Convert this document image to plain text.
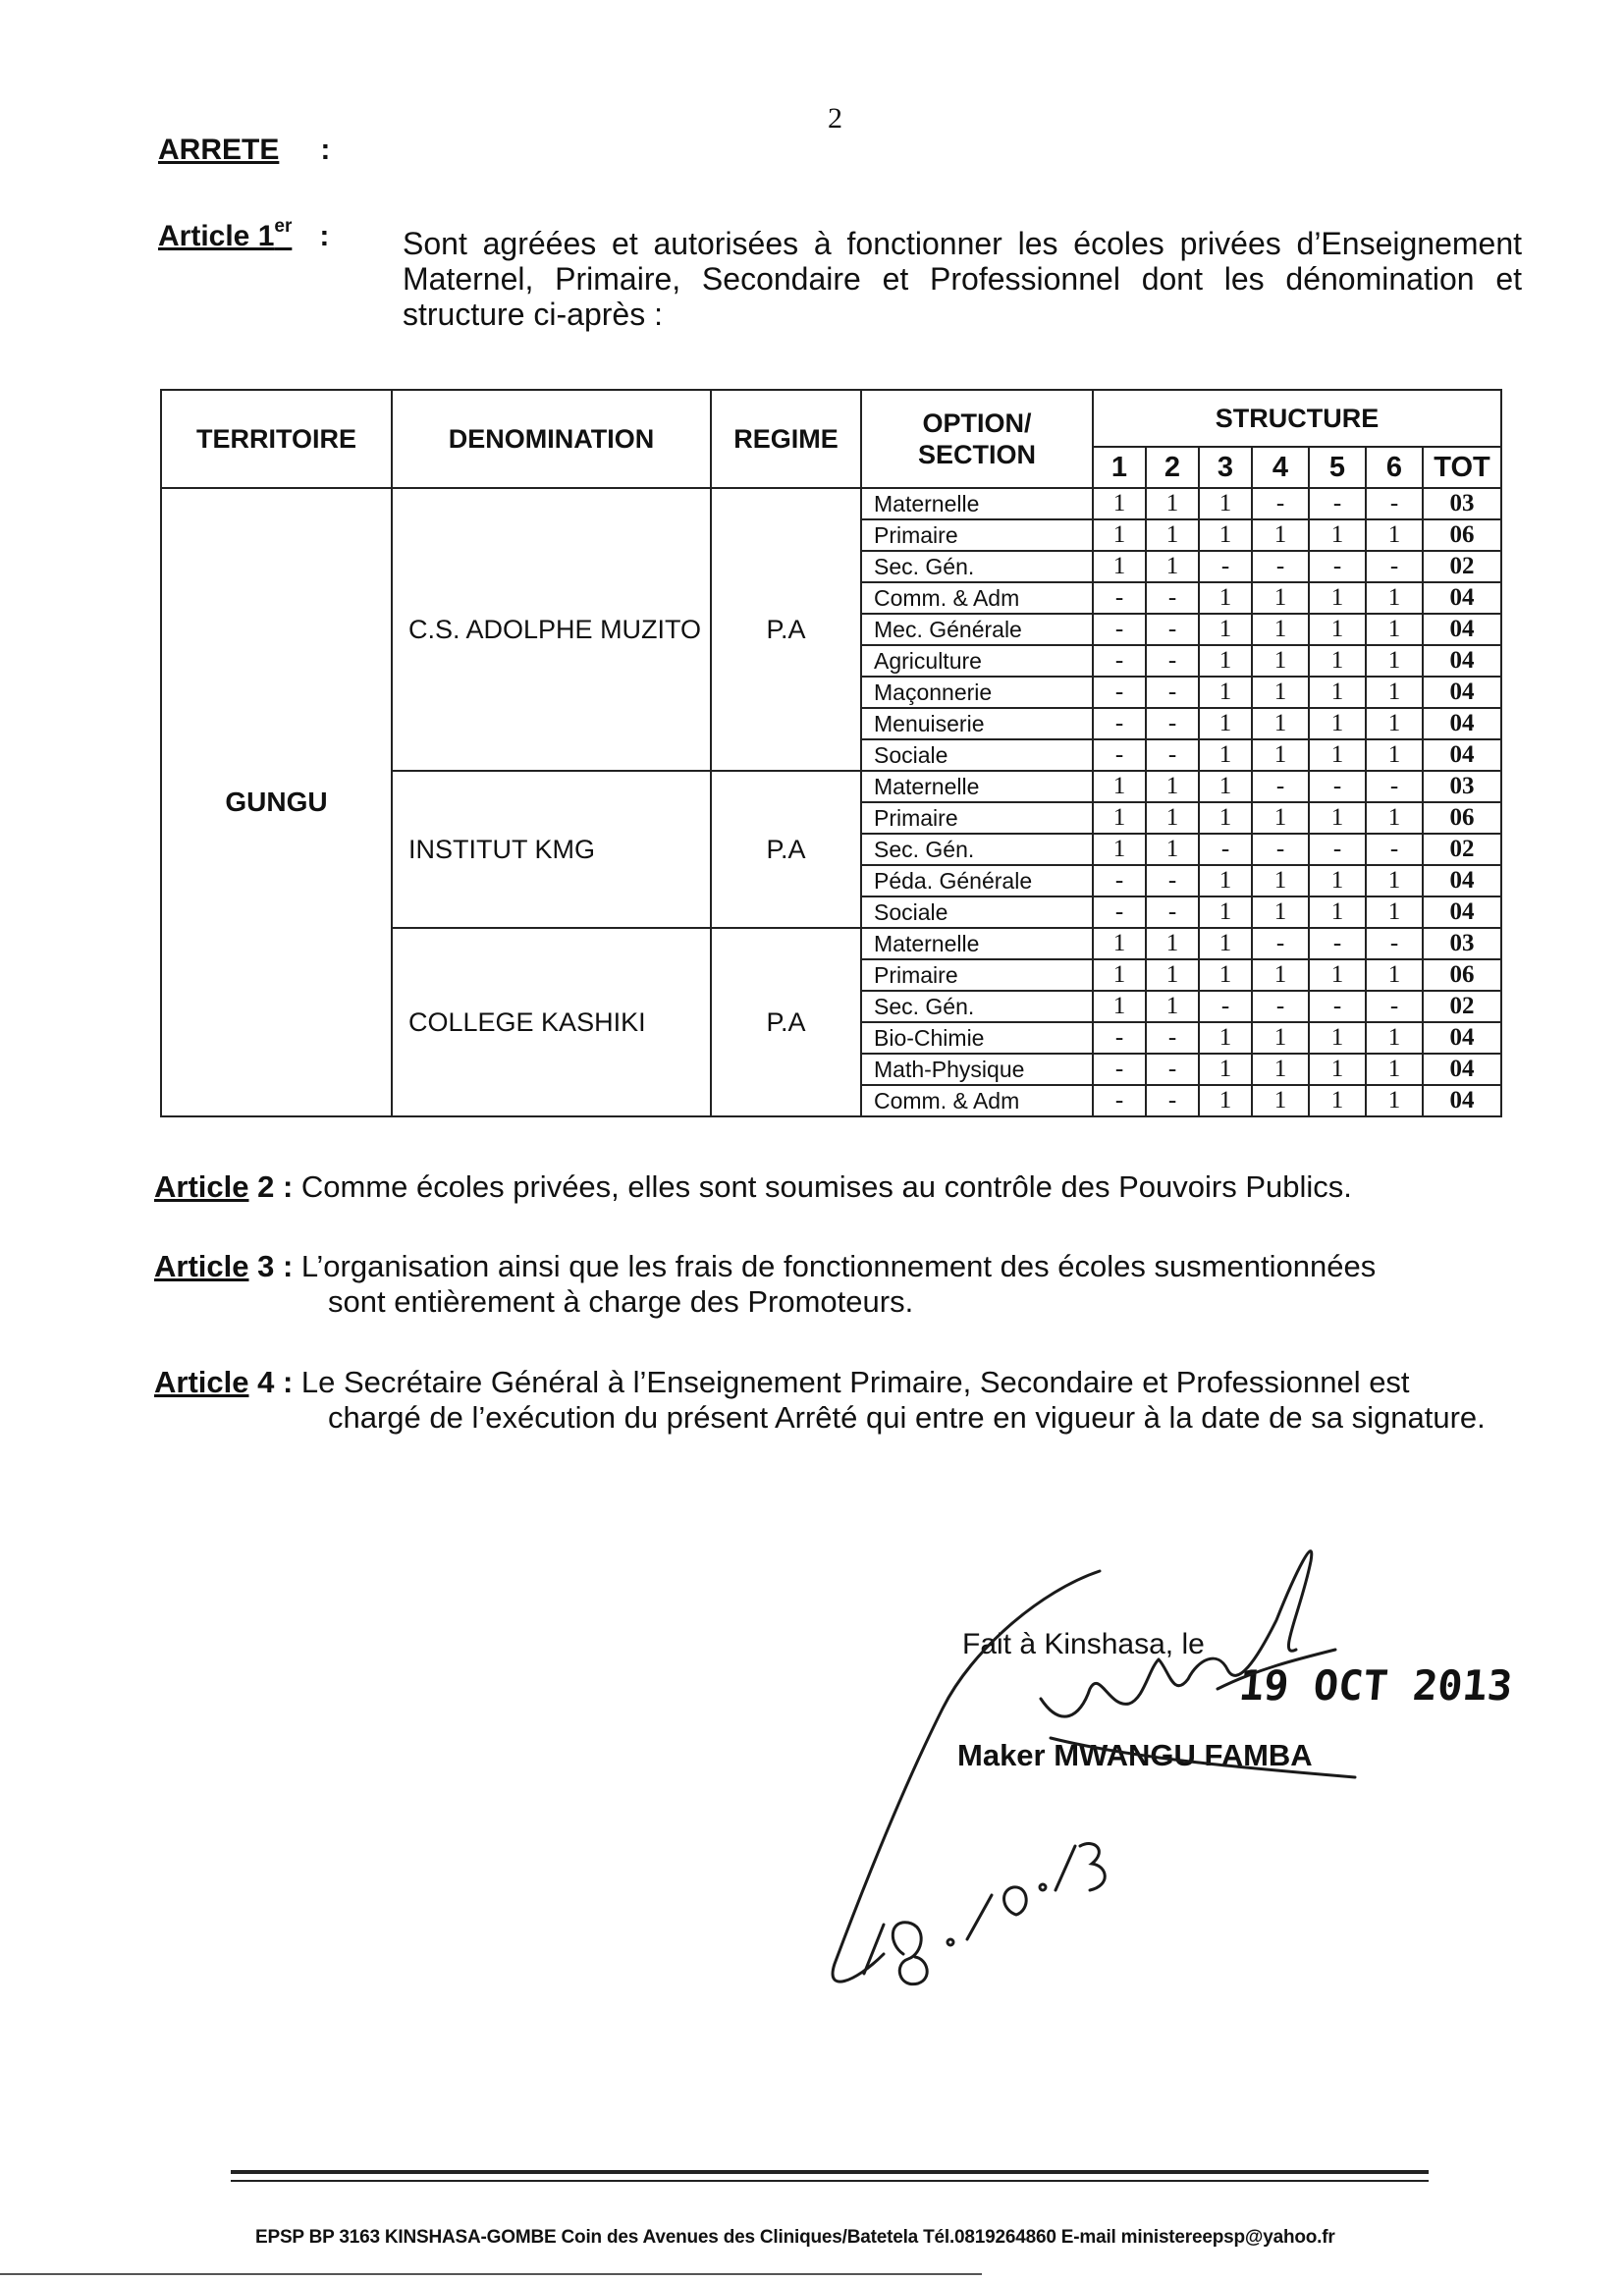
2
ARRETE :
Article 1er : Sont agréées et autorisées à fonctionner les écoles privées d’Enseignement Maternel, Primaire, Secondaire et Professionnel dont les dénomination et structure ci-après :
TERRITOIRE	DENOMINATION	REGIME	OPTION/ SECTION	STRUCTURE						
				1	2	3	4	5	6	TOT
GUNGU	C.S. ADOLPHE MUZITO	P.A	Maternelle	1	1	1	-	-	-	03
			Primaire	1	1	1	1	1	1	06
			Sec. Gén.	1	1	-	-	-	-	02
			Comm. & Adm	-	-	1	1	1	1	04
			Mec. Générale	-	-	1	1	1	1	04
			Agriculture	-	-	1	1	1	1	04
			Maçonnerie	-	-	1	1	1	1	04
			Menuiserie	-	-	1	1	1	1	04
			Sociale	-	-	1	1	1	1	04
	INSTITUT KMG	P.A	Maternelle	1	1	1	-	-	-	03
			Primaire	1	1	1	1	1	1	06
			Sec. Gén.	1	1	-	-	-	-	02
			Péda. Générale	-	-	1	1	1	1	04
			Sociale	-	-	1	1	1	1	04
	COLLEGE KASHIKI	P.A	Maternelle	1	1	1	-	-	-	03
			Primaire	1	1	1	1	1	1	06
			Sec. Gén.	1	1	-	-	-	-	02
			Bio-Chimie	-	-	1	1	1	1	04
			Math-Physique	-	-	1	1	1	1	04
			Comm. & Adm	-	-	1	1	1	1	04
Article 2 : Comme écoles privées, elles sont soumises au contrôle des Pouvoirs Publics.
Article 3 : L’organisation ainsi que les frais de fonctionnement des écoles susmentionnées
sont entièrement à charge des Promoteurs.
Article 4 : Le Secrétaire Général à l’Enseignement Primaire, Secondaire et Professionnel est
chargé de l’exécution du présent Arrêté qui entre en vigueur à la date de sa signature.
Fait à Kinshasa, le
19 OCT 2013
Maker MWANGU FAMBA
EPSP BP 3163 KINSHASA-GOMBE Coin des Avenues des Cliniques/Batetela Tél.0819264860 E-mail ministereepsp@yahoo.fr
